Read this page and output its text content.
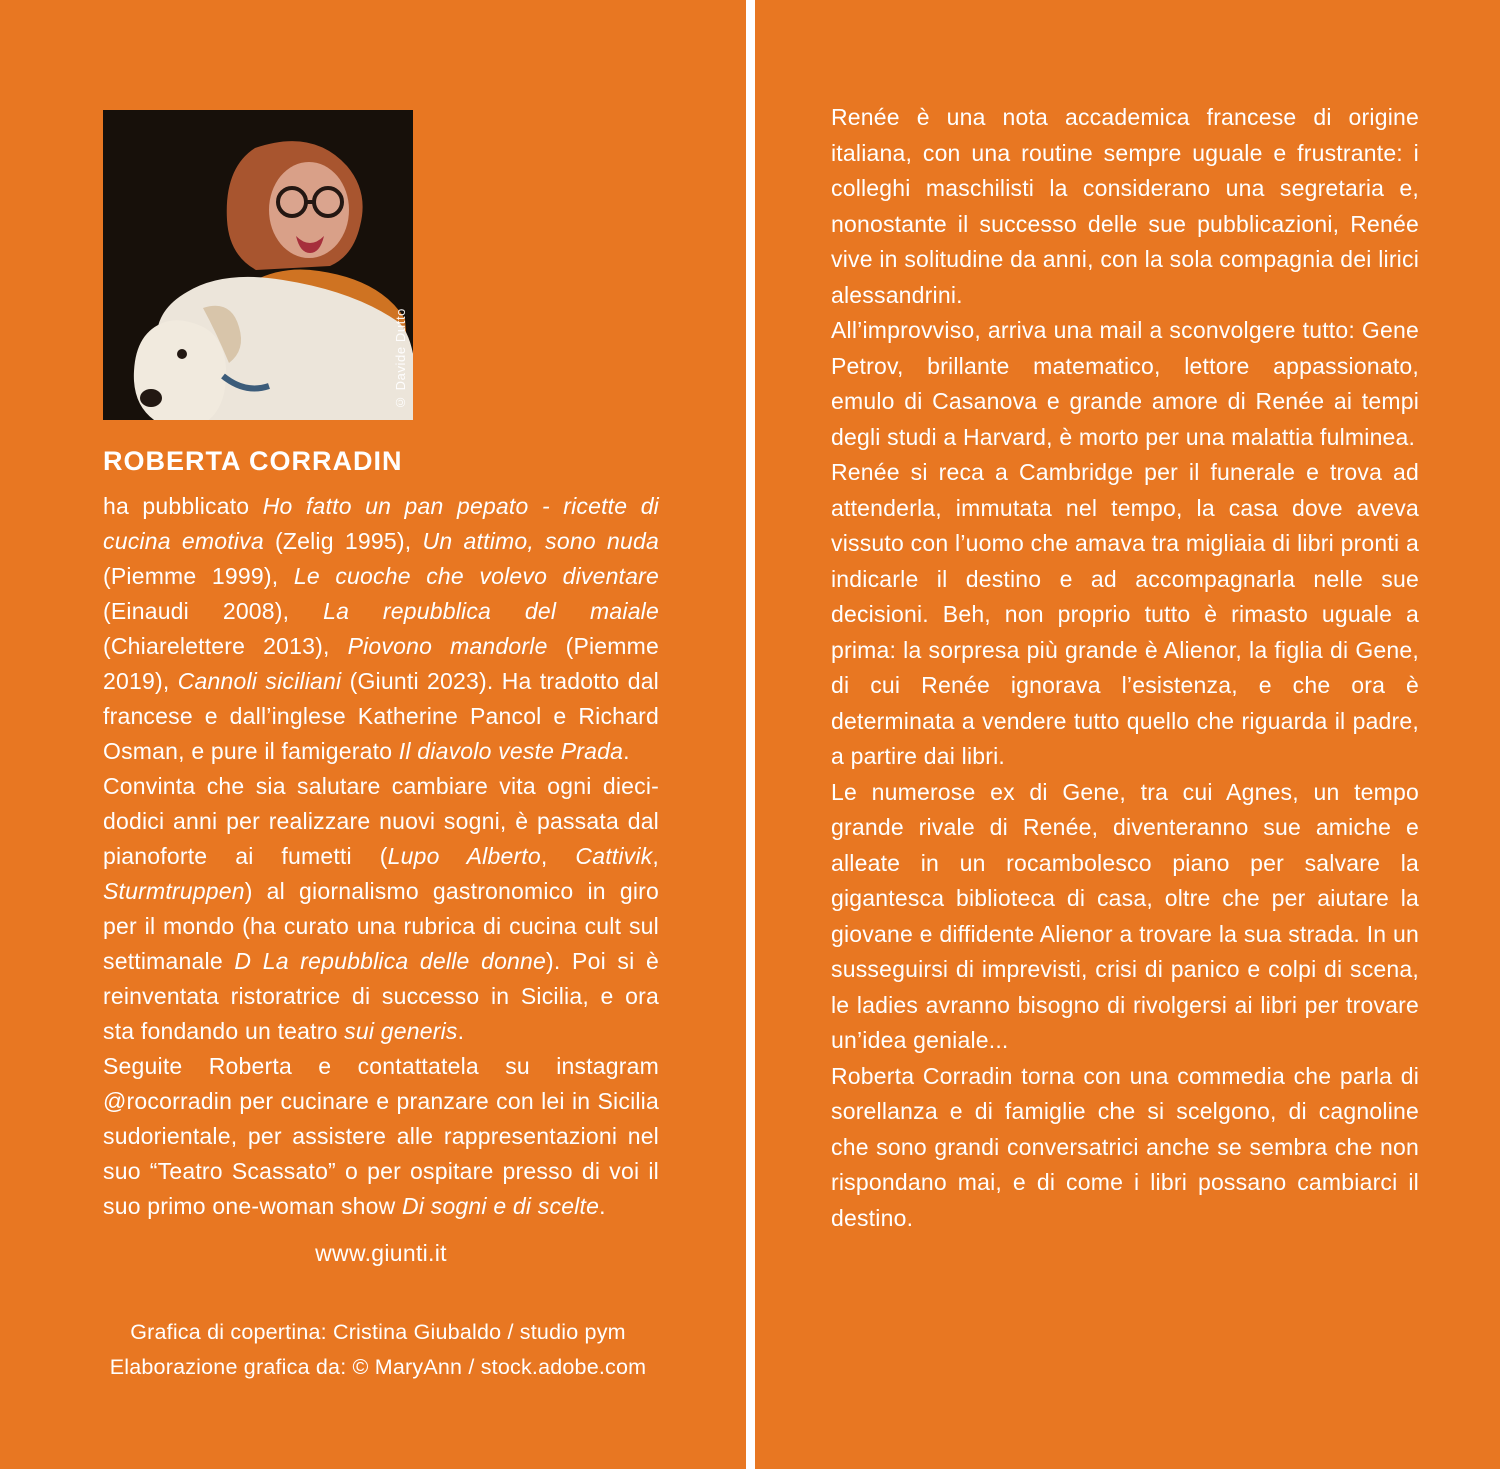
© Davide Dutto
ROBERTA CORRADIN

ha pubblicato Ho fatto un pan pepato - ricette di cucina emotiva (Zelig 1995), Un attimo, sono nuda (Piemme 1999), Le cuoche che volevo diventare (Einaudi 2008), La repubblica del maiale (Chiarelettere 2013), Piovono mandorle (Piemme 2019), Cannoli siciliani (Giunti 2023). Ha tradotto dal francese e dall’inglese Katherine Pancol e Richard Osman, e pure il famigerato Il diavolo veste Prada.

Convinta che sia salutare cambiare vita ogni dieci-dodici anni per realizzare nuovi sogni, è passata dal pianoforte ai fumetti (Lupo Alberto, Cattivik, Sturmtruppen) al giornalismo gastronomico in giro per il mondo (ha curato una rubrica di cucina cult sul settimanale D La repubblica delle donne). Poi si è reinventata ristoratrice di successo in Sicilia, e ora sta fondando un teatro sui generis.

Seguite Roberta e contattatela su instagram @rocorradin per cucinare e pranzare con lei in Sicilia sudorientale, per assistere alle rappresentazioni nel suo “Teatro Scassato” o per ospitare presso di voi il suo primo one-woman show Di sogni e di scelte.

www.giunti.it

Grafica di copertina: Cristina Giubaldo / studio pym

Elaborazione grafica da: © MaryAnn / stock.adobe.com

Renée è una nota accademica francese di origine italiana, con una routine sempre uguale e frustrante: i colleghi maschilisti la considerano una segretaria e, nonostante il successo delle sue pubblicazioni, Renée vive in solitudine da anni, con la sola compagnia dei lirici alessandrini.

All’improvviso, arriva una mail a sconvolgere tutto: Gene Petrov, brillante matematico, lettore appassionato, emulo di Casanova e grande amore di Renée ai tempi degli studi a Harvard, è morto per una malattia fulminea.

Renée si reca a Cambridge per il funerale e trova ad attenderla, immutata nel tempo, la casa dove aveva vissuto con l’uomo che amava tra migliaia di libri pronti a indicarle il destino e ad accompagnarla nelle sue decisioni. Beh, non proprio tutto è rimasto uguale a prima: la sorpresa più grande è Alienor, la figlia di Gene, di cui Renée ignorava l’esistenza, e che ora è determinata a vendere tutto quello che riguarda il padre, a partire dai libri.

Le numerose ex di Gene, tra cui Agnes, un tempo grande rivale di Renée, diventeranno sue amiche e alleate in un rocambolesco piano per salvare la gigantesca biblioteca di casa, oltre che per aiutare la giovane e diffidente Alienor a trovare la sua strada. In un susseguirsi di imprevisti, crisi di panico e colpi di scena, le ladies avranno bisogno di rivolgersi ai libri per trovare un’idea geniale...

Roberta Corradin torna con una commedia che parla di sorellanza e di famiglie che si scelgono, di cagnoline che sono grandi conversatrici anche se sembra che non rispondano mai, e di come i libri possano cambiarci il destino.
